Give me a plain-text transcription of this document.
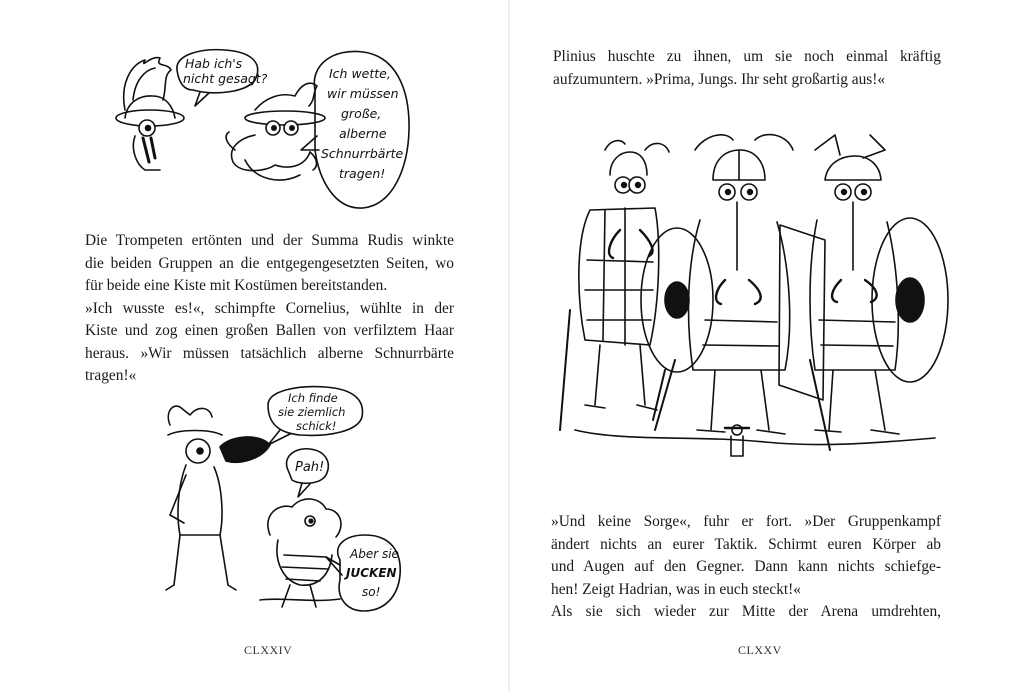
Hab ich's nicht gesagt?	Ich wette, wir müssen große, alberne Schnurrbärte tragen!
Die Trompeten ertönten und der Summa Rudis winkte
die beiden Gruppen an die entgegengesetzten Seiten, wo
für beide eine Kiste mit Kostümen bereitstanden.
»Ich wusste es!«, schimpfte Cornelius, wühlte in der
Kiste und zog einen großen Ballen von verfilztem Haar
heraus. »Wir müssen tatsächlich alberne Schnurrbärte
tragen!«
Ich finde sie ziemlich schick!
Pah!
Aber sie JUCKEN so!
CLXXIV
Plinius huschte zu ihnen, um sie noch einmal kräftig
aufzumuntern. »Prima, Jungs. Ihr seht großartig aus!«
»Und keine Sorge«, fuhr er fort. »Der Gruppenkampf
ändert nichts an eurer Taktik. Schirmt euren Körper ab
und Augen auf den Gegner. Dann kann nichts schiefge-
hen! Zeigt Hadrian, was in euch steckt!«
Als sie sich wieder zur Mitte der Arena umdrehten,
CLXXV
